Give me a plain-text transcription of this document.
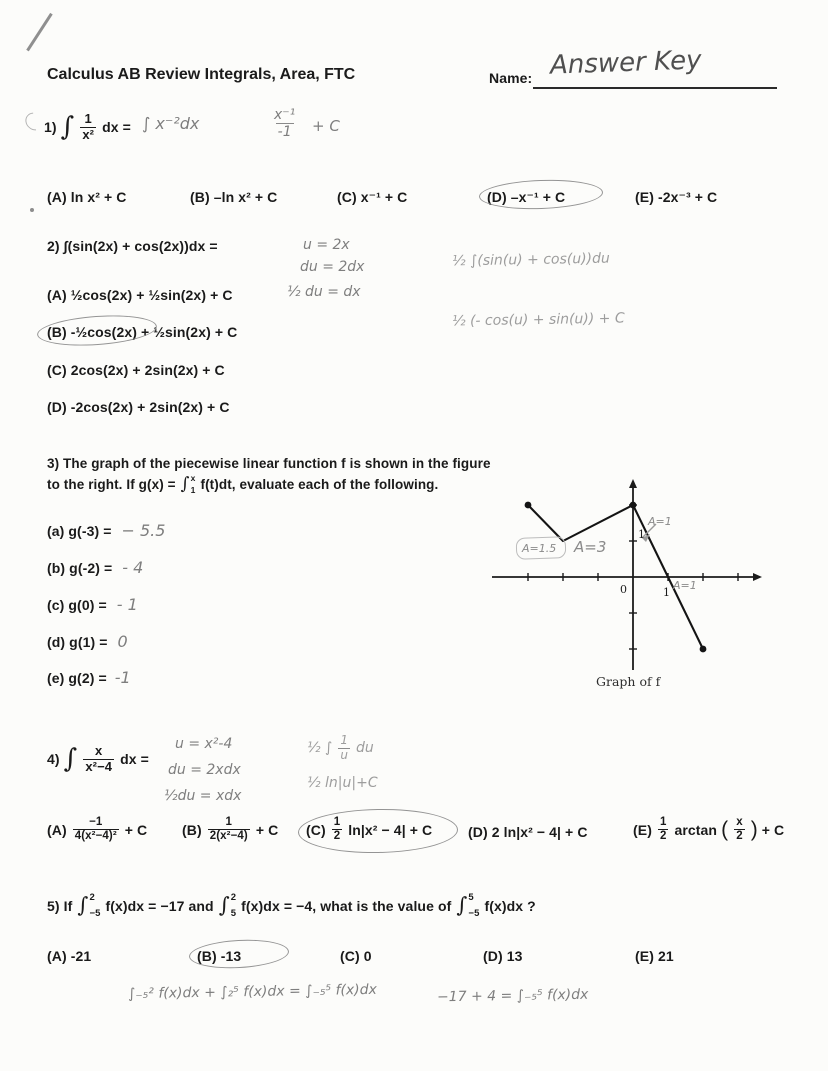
Calculus AB Review Integrals, Area, FTC	Name: Answer Key
1) ∫ $\frac{1}{\text{x²}}$ dx = ∫ x⁻²dx	$\frac{\text{x⁻¹}}{-1} + C$
(A) ln x² + C	(B) –ln x² + C	(C) x⁻¹ + C	(D) –x⁻¹ + C	(E) -2x⁻³ + C
2) ∫(sin(2x) + cos(2x))dx =	u = 2x
du = 2dx
½ du = dx
½ ∫(sin(u) + cos(u))du
½ (- cos(u) + sin(u)) + C
(A) ½cos(2x) + ½sin(2x) + C
(B) -½cos(2x) + ½sin(2x) + C
(C) 2cos(2x) + 2sin(2x) + C
(D) -2cos(2x) + 2sin(2x) + C
3) The graph of the piecewise linear function f is shown in the figure
to the right. If g(x) = ∫ x
1 f(t)dt, evaluate each of the following.
(a) g(-3) = − 5.5
(b) g(-2) = - 4
(c) g(0) = - 1
(d) g(1) = 0
(e) g(2) = -1
A=1.5 A=3
A=1
A=1
0	1
1
Graph of f
4) ∫ $\frac{x}{\text{x²−4}}$ dx =
u = x²-4
du = 2xdx
½du = xdx
½ ∫ $\frac{1}{u}$ du
½ ln|u|+C
$(A) \frac{-1}{\text{4(x²−4)²}} + C$ $(B) \frac{1}{\text{2(x²−4)}} + C$ $(C) \frac{1}{2} \ln|x^2 - 4| + C$	(D) 2 ln|x² − 4| + C	$(E) \frac{1}{2}$ arctan ( $\frac{x}{2}$ ) + C
5) If ∫ 2
−5 f(x)dx = −17 and ∫ 2
5 f(x)dx = −4, what is the value of ∫ 5
−5 f(x)dx ?
(A) -21	(B) -13	(C) 0	(D) 13	(E) 21
∫₋₅² f(x)dx + ∫₂⁵ f(x)dx = ∫₋₅⁵ f(x)dx	−17 + 4 = ∫₋₅⁵ f(x)dx
